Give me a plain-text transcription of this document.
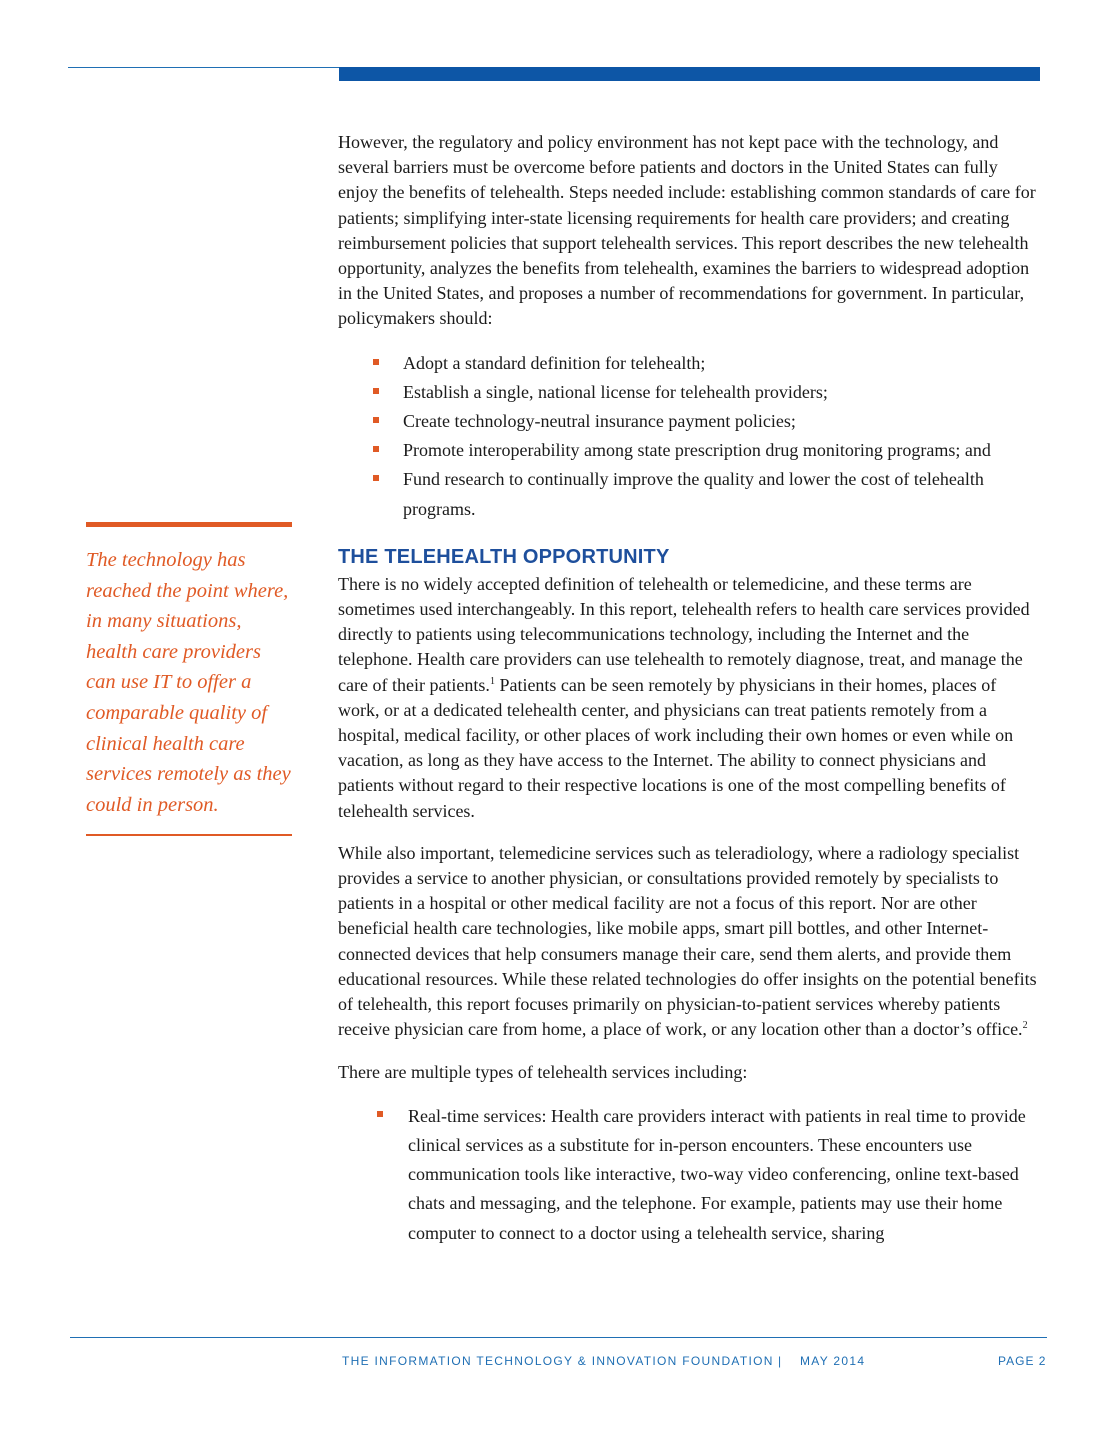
However, the regulatory and policy environment has not kept pace with the technology, and several barriers must be overcome before patients and doctors in the United States can fully enjoy the benefits of telehealth. Steps needed include: establishing common standards of care for patients; simplifying inter-state licensing requirements for health care providers; and creating reimbursement policies that support telehealth services. This report describes the new telehealth opportunity, analyzes the benefits from telehealth, examines the barriers to widespread adoption in the United States, and proposes a number of recommendations for government. In particular, policymakers should:

Adopt a standard definition for telehealth;
Establish a single, national license for telehealth providers;
Create technology-neutral insurance payment policies;
Promote interoperability among state prescription drug monitoring programs; and
Fund research to continually improve the quality and lower the cost of telehealth programs.
THE TELEHEALTH OPPORTUNITY

There is no widely accepted definition of telehealth or telemedicine, and these terms are sometimes used interchangeably. In this report, telehealth refers to health care services provided directly to patients using telecommunications technology, including the Internet and the telephone. Health care providers can use telehealth to remotely diagnose, treat, and manage the care of their patients.$^1$ Patients can be seen remotely by physicians in their homes, places of work, or at a dedicated telehealth center, and physicians can treat patients remotely from a hospital, medical facility, or other places of work including their own homes or even while on vacation, as long as they have access to the Internet. The ability to connect physicians and patients without regard to their respective locations is one of the most compelling benefits of telehealth services.

While also important, telemedicine services such as teleradiology, where a radiology specialist provides a service to another physician, or consultations provided remotely by specialists to patients in a hospital or other medical facility are not a focus of this report. Nor are other beneficial health care technologies, like mobile apps, smart pill bottles, and other Internet-connected devices that help consumers manage their care, send them alerts, and provide them educational resources. While these related technologies do offer insights on the potential benefits of telehealth, this report focuses primarily on physician-to-patient services whereby patients receive physician care from home, a place of work, or any location other than a doctor’s office.$^2$

There are multiple types of telehealth services including:

Real-time services: Health care providers interact with patients in real time to provide clinical services as a substitute for in-person encounters. These encounters use communication tools like interactive, two-way video conferencing, online text-based chats and messaging, and the telephone. For example, patients may use their home computer to connect to a doctor using a telehealth service, sharing

The technology has reached the point where, in many situations, health care providers can use IT to offer a comparable quality of clinical health care services remotely as they could in person.

THE INFORMATION TECHNOLOGY & INNOVATION FOUNDATION | MAY 2014	PAGE 2
